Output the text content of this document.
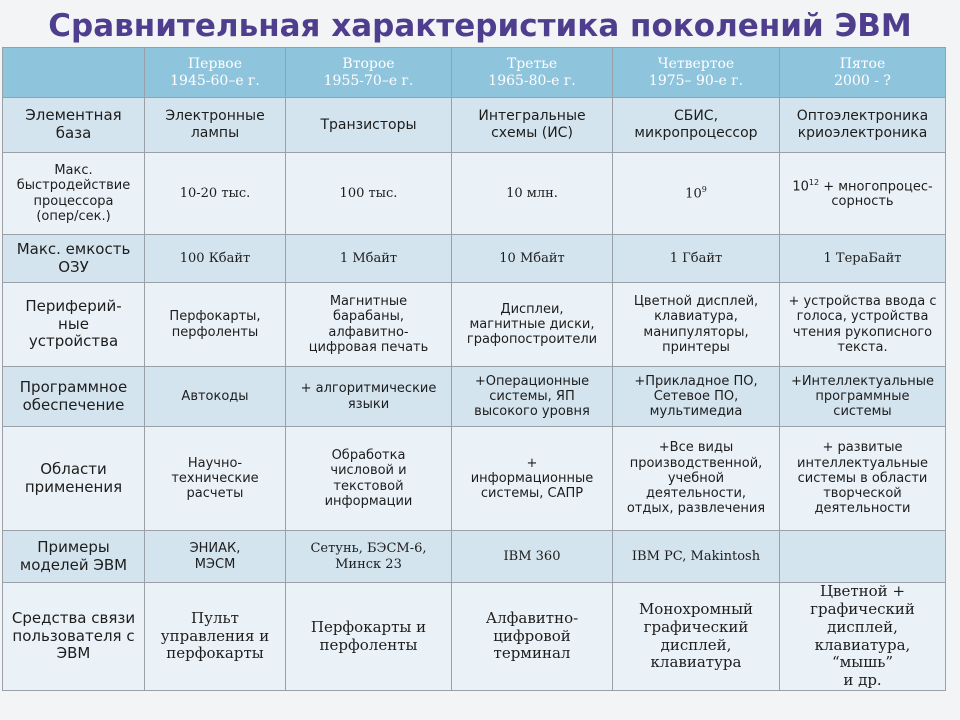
Сравнительная характеристика поколений ЭВМ
	Первое
1945-60–е г.	Второе
1955-70–е г.	Третье
1965-80-е г.	Четвертое
1975– 90-е г.	Пятое
2000 - ?
Элементная
база	Электронные
лампы	Транзисторы	Интегральные
схемы (ИС)	СБИС,
микропроцессор	Оптоэлектроника
криоэлектроника
Макс.
быстродействие
процессора
(опер/сек.)	10-20 тыс.	100 тыс.	10 млн.	$10^9$	$10^{12}$ + многопроцес-
сорность
Макс. емкость
ОЗУ	100 Кбайт	1 Мбайт	10 Мбайт	1 Гбайт	1 ТераБайт
Периферий-
ные
устройства	Перфокарты,
перфоленты	Магнитные
барабаны,
алфавитно-
цифровая печать	Дисплеи,
магнитные диски,
графопостроители	Цветной дисплей,
клавиатура,
манипуляторы,
принтеры	+ устройства ввода с
голоса, устройства
чтения рукописного
текста.
Программное
обеспечение	Автокоды	+ алгоритмические
языки	+Операционные
системы, ЯП
высокого уровня	+Прикладное ПО,
Сетевое ПО,
мультимедиа	+Интеллектуальные
программные
системы
Области
применения	Научно-
технические
расчеты	Обработка
числовой и
текстовой
информации	+
информационные
системы, САПР	+Все виды
производственной,
учебной
деятельности,
отдых, развлечения	+ развитые
интеллектуальные
системы в области
творческой
деятельности
Примеры
моделей ЭВМ	ЭНИАК,
МЭСМ	Сетунь, БЭСМ-6,
Минск 23	IBM 360	IBM PC, Makintosh	
Средства связи
пользователя с
ЭВМ	Пульт
управления и
перфокарты	Перфокарты и
перфоленты	Алфавитно-
цифровой
терминал	Монохромный
графический
дисплей,
клавиатура	Цветной +
графический
дисплей,
клавиатура, “мышь”
и др.
